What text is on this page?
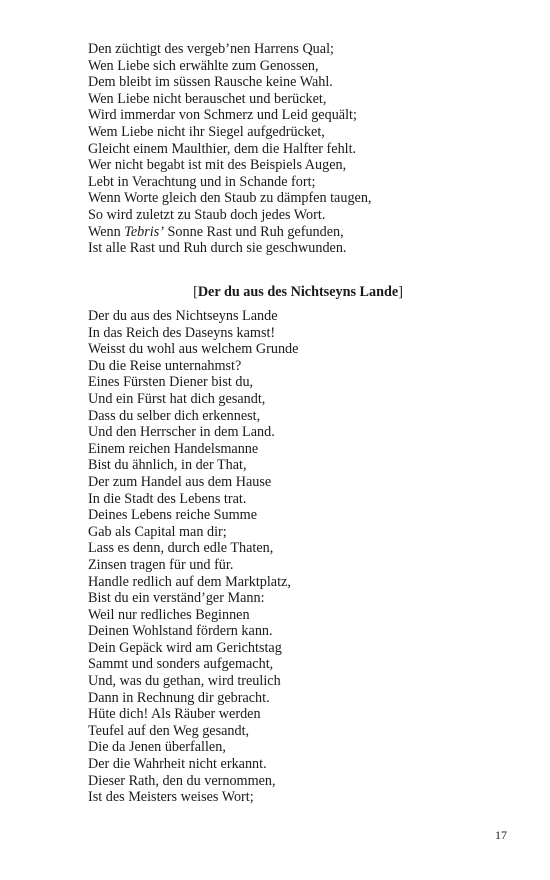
Den züchtigt des vergeb’nen Harrens Qual;
Wen Liebe sich erwählte zum Genossen,
Dem bleibt im süssen Rausche keine Wahl.
Wen Liebe nicht berauschet und berücket,
Wird immerdar von Schmerz und Leid gequält;
Wem Liebe nicht ihr Siegel aufgedrücket,
Gleicht einem Maulthier, dem die Halfter fehlt.
Wer nicht begabt ist mit des Beispiels Augen,
Lebt in Verachtung und in Schande fort;
Wenn Worte gleich den Staub zu dämpfen taugen,
So wird zuletzt zu Staub doch jedes Wort.
Wenn Tebris’ Sonne Rast und Ruh gefunden,
Ist alle Rast und Ruh durch sie geschwunden.
[Der du aus des Nichtseyns Lande]
Der du aus des Nichtseyns Lande
In das Reich des Daseyns kamst!
Weisst du wohl aus welchem Grunde
Du die Reise unternahmst?
Eines Fürsten Diener bist du,
Und ein Fürst hat dich gesandt,
Dass du selber dich erkennest,
Und den Herrscher in dem Land.
Einem reichen Handelsmanne
Bist du ähnlich, in der That,
Der zum Handel aus dem Hause
In die Stadt des Lebens trat.
Deines Lebens reiche Summe
Gab als Capital man dir;
Lass es denn, durch edle Thaten,
Zinsen tragen für und für.
Handle redlich auf dem Marktplatz,
Bist du ein verständ’ger Mann:
Weil nur redliches Beginnen
Deinen Wohlstand fördern kann.
Dein Gepäck wird am Gerichtstag
Sammt und sonders aufgemacht,
Und, was du gethan, wird treulich
Dann in Rechnung dir gebracht.
Hüte dich! Als Räuber werden
Teufel auf den Weg gesandt,
Die da Jenen überfallen,
Der die Wahrheit nicht erkannt.
Dieser Rath, den du vernommen,
Ist des Meisters weises Wort;
17
